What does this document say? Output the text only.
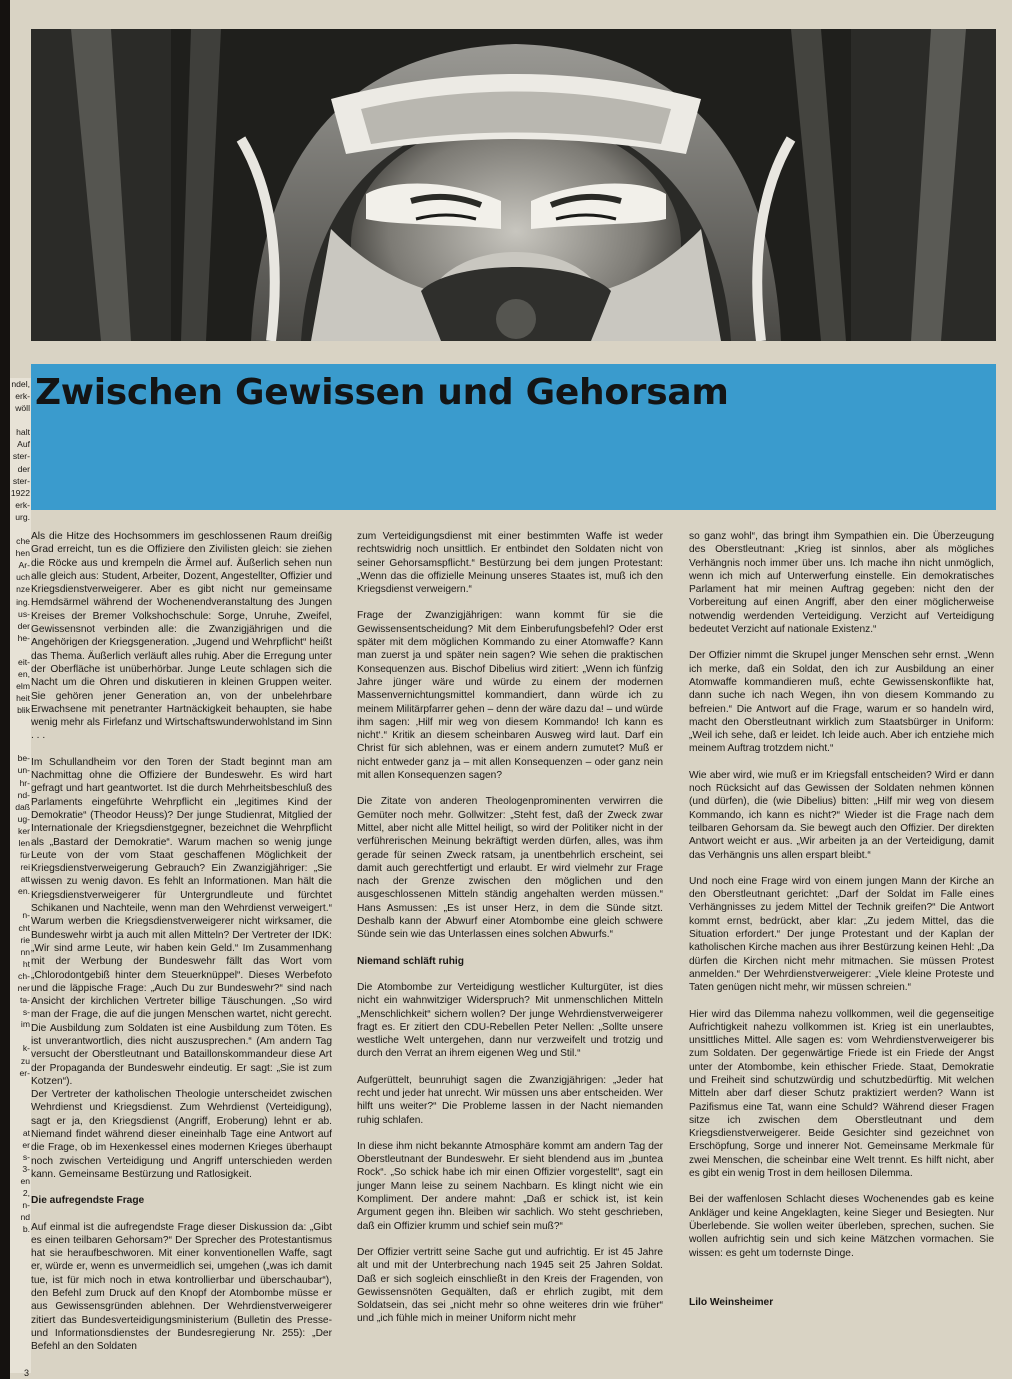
ndel,
erk-
wöll
halt
Auf
ster-
der
ster-
1922
erk-
urg.
che
hen
Ar-
uch
nze
ing.
us-
der
he-
eit-
en,
elm
heit
blik
be-
un-
hr-
nd-
daß
ug-
ker
len
für
rei
att
en.
n-
cht
rie
nn
ht
ch-
ner
ta-
s-
im
k-
zu
er-
at
er
s-
3-
en
2,
n-
nd
b.
Zwischen Gewissen und Gehorsam

Als die Hitze des Hochsommers im geschlossenen Raum dreißig Grad erreicht, tun es die Offiziere den Zivilisten gleich: sie ziehen die Röcke aus und krempeln die Ärmel auf. Äußerlich sehen nun alle gleich aus: Student, Arbeiter, Dozent, Angestellter, Offizier und Kriegsdienstverweigerer. Aber es gibt nicht nur gemeinsame Hemdsärmel während der Wochenendveranstaltung des Jungen Kreises der Bremer Volkshochschule: Sorge, Unruhe, Zweifel, Gewissensnot verbinden alle: die Zwanzigjährigen und die Angehörigen der Kriegsgeneration. „Jugend und Wehrpflicht“ heißt das Thema. Äußerlich verläuft alles ruhig. Aber die Erregung unter der Oberfläche ist unüberhörbar. Junge Leute schlagen sich die Nacht um die Ohren und diskutieren in kleinen Gruppen weiter. Sie gehören jener Generation an, von der unbelehrbare Erwachsene mit penetranter Hartnäckigkeit behaupten, sie habe wenig mehr als Firlefanz und Wirtschaftswunderwohlstand im Sinn . . .

Im Schullandheim vor den Toren der Stadt beginnt man am Nachmittag ohne die Offiziere der Bundeswehr. Es wird hart gefragt und hart geantwortet. Ist die durch Mehrheitsbeschluß des Parlaments eingeführte Wehrpflicht ein „legitimes Kind der Demokratie“ (Theodor Heuss)? Der junge Studienrat, Mitglied der Internationale der Kriegsdienstgegner, bezeichnet die Wehrpflicht als „Bastard der Demokratie“. Warum machen so wenig junge Leute von der vom Staat geschaffenen Möglichkeit der Kriegsdienstverweigerung Gebrauch? Ein Zwanzigjähriger: „Sie wissen zu wenig davon. Es fehlt an Informationen. Man hält die Kriegsdienstverweigerer für Untergrundleute und fürchtet Schikanen und Nachteile, wenn man den Wehrdienst verweigert.“ Warum werben die Kriegsdienstverweigerer nicht wirksamer, die Bundeswehr wirbt ja auch mit allen Mitteln? Der Vertreter der IDK: „Wir sind arme Leute, wir haben kein Geld.“ Im Zusammenhang mit der Werbung der Bundeswehr fällt das Wort vom „Chlorodontgebiß hinter dem Steuerknüppel“. Dieses Werbefoto und die läppische Frage: „Auch Du zur Bundeswehr?“ sind nach Ansicht der kirchlichen Vertreter billige Täuschungen. „So wird man der Frage, die auf die jungen Menschen wartet, nicht gerecht. Die Ausbildung zum Soldaten ist eine Ausbildung zum Töten. Es ist unverantwortlich, dies nicht auszusprechen.“ (Am andern Tag versucht der Oberstleutnant und Bataillonskommandeur diese Art der Propaganda der Bundeswehr eindeutig. Er sagt: „Sie ist zum Kotzen“).

Der Vertreter der katholischen Theologie unterscheidet zwischen Wehrdienst und Kriegsdienst. Zum Wehrdienst (Verteidigung), sagt er ja, den Kriegsdienst (Angriff, Eroberung) lehnt er ab. Niemand findet während dieser eineinhalb Tage eine Antwort auf die Frage, ob im Hexenkessel eines modernen Krieges überhaupt noch zwischen Verteidigung und Angriff unterschieden werden kann. Gemeinsame Bestürzung und Ratlosigkeit.

Die aufregendste Frage

Auf einmal ist die aufregendste Frage dieser Diskussion da: „Gibt es einen teilbaren Gehorsam?“ Der Sprecher des Protestantismus hat sie heraufbeschworen. Mit einer konventionellen Waffe, sagt er, würde er, wenn es unvermeidlich sei, umgehen („was ich damit tue, ist für mich noch in etwa kontrollierbar und überschaubar“), den Befehl zum Druck auf den Knopf der Atombombe müsse er aus Gewissensgründen ablehnen. Der Wehrdienstverweigerer zitiert das Bundesverteidigungsministerium (Bulletin des Presse- und Informationsdienstes der Bundesregierung Nr. 255): „Der Befehl an den Soldaten

zum Verteidigungsdienst mit einer bestimmten Waffe ist weder rechtswidrig noch unsittlich. Er entbindet den Soldaten nicht von seiner Gehorsamspflicht.“ Bestürzung bei dem jungen Protestant: „Wenn das die offizielle Meinung unseres Staates ist, muß ich den Kriegsdienst verweigern.“

Frage der Zwanzigjährigen: wann kommt für sie die Gewissensentscheidung? Mit dem Einberufungsbefehl? Oder erst später mit dem möglichen Kommando zu einer Atomwaffe? Kann man zuerst ja und später nein sagen? Wie sehen die praktischen Konsequenzen aus. Bischof Dibelius wird zitiert: „Wenn ich fünfzig Jahre jünger wäre und würde zu einem der modernen Massenvernichtungsmittel kommandiert, dann würde ich zu meinem Militärpfarrer gehen – denn der wäre dazu da! – und würde ihm sagen: ‚Hilf mir weg von diesem Kommando! Ich kann es nicht‘.“ Kritik an diesem scheinbaren Ausweg wird laut. Darf ein Christ für sich ablehnen, was er einem andern zumutet? Muß er nicht entweder ganz ja – mit allen Konsequenzen – oder ganz nein mit allen Konsequenzen sagen?

Die Zitate von anderen Theologenprominenten verwirren die Gemüter noch mehr. Gollwitzer: „Steht fest, daß der Zweck zwar Mittel, aber nicht alle Mittel heiligt, so wird der Politiker nicht in der verführerischen Meinung bekräftigt werden dürfen, alles, was ihm gerade für seinen Zweck ratsam, ja unentbehrlich erscheint, sei damit auch gerechtfertigt und erlaubt. Er wird vielmehr zur Frage nach der Grenze zwischen den möglichen und den ausgeschlossenen Mitteln ständig angehalten werden müssen.“ Hans Asmussen: „Es ist unser Herz, in dem die Sünde sitzt. Deshalb kann der Abwurf einer Atombombe eine gleich schwere Sünde sein wie das Unterlassen eines solchen Abwurfs.“

Niemand schläft ruhig

Die Atombombe zur Verteidigung westlicher Kulturgüter, ist dies nicht ein wahnwitziger Widerspruch? Mit unmenschlichen Mitteln „Menschlichkeit“ sichern wollen? Der junge Wehrdienstverweigerer fragt es. Er zitiert den CDU-Rebellen Peter Nellen: „Sollte unsere westliche Welt untergehen, dann nur verzweifelt und trotzig und durch den Verrat an ihrem eigenen Weg und Stil.“

Aufgerüttelt, beunruhigt sagen die Zwanzigjährigen: „Jeder hat recht und jeder hat unrecht. Wir müssen uns aber entscheiden. Wer hilft uns weiter?“ Die Probleme lassen in der Nacht niemanden ruhig schlafen.

In diese ihm nicht bekannte Atmosphäre kommt am andern Tag der Oberstleutnant der Bundeswehr. Er sieht blendend aus im „buntea Rock“. „So schick habe ich mir einen Offizier vorgestellt“, sagt ein junger Mann leise zu seinem Nachbarn. Es klingt nicht wie ein Kompliment. Der andere mahnt: „Daß er schick ist, ist kein Argument gegen ihn. Bleiben wir sachlich. Wo steht geschrieben, daß ein Offizier krumm und schief sein muß?“

Der Offizier vertritt seine Sache gut und aufrichtig. Er ist 45 Jahre alt und mit der Unterbrechung nach 1945 seit 25 Jahren Soldat. Daß er sich sogleich einschließt in den Kreis der Fragenden, von Gewissensnöten Gequälten, daß er ehrlich zugibt, mit dem Soldatsein, das sei „nicht mehr so ohne weiteres drin wie früher“ und „ich fühle mich in meiner Uniform nicht mehr

so ganz wohl“, das bringt ihm Sympathien ein. Die Überzeugung des Oberstleutnant: „Krieg ist sinnlos, aber als mögliches Verhängnis noch immer über uns. Ich mache ihn nicht unmöglich, wenn ich mich auf Unterwerfung einstelle. Ein demokratisches Parlament hat mir meinen Auftrag gegeben: nicht den der Vorbereitung auf einen Angriff, aber den einer möglicherweise notwendig werdenden Verteidigung. Verzicht auf Verteidigung bedeutet Verzicht auf nationale Existenz.“

Der Offizier nimmt die Skrupel junger Menschen sehr ernst. „Wenn ich merke, daß ein Soldat, den ich zur Ausbildung an einer Atomwaffe kommandieren muß, echte Gewissenskonflikte hat, dann suche ich nach Wegen, ihn von diesem Kommando zu befreien.“ Die Antwort auf die Frage, warum er so handeln wird, macht den Oberstleutnant wirklich zum Staatsbürger in Uniform: „Weil ich sehe, daß er leidet. Ich leide auch. Aber ich entziehe mich meinem Auftrag trotzdem nicht.“

Wie aber wird, wie muß er im Kriegsfall entscheiden? Wird er dann noch Rücksicht auf das Gewissen der Soldaten nehmen können (und dürfen), die (wie Dibelius) bitten: „Hilf mir weg von diesem Kommando, ich kann es nicht?“ Wieder ist die Frage nach dem teilbaren Gehorsam da. Sie bewegt auch den Offizier. Der direkten Antwort weicht er aus. „Wir arbeiten ja an der Verteidigung, damit das Verhängnis uns allen erspart bleibt.“

Und noch eine Frage wird von einem jungen Mann der Kirche an den Oberstleutnant gerichtet: „Darf der Soldat im Falle eines Verhängnisses zu jedem Mittel der Technik greifen?“ Die Antwort kommt ernst, bedrückt, aber klar: „Zu jedem Mittel, das die Situation erfordert.“ Der junge Protestant und der Kaplan der katholischen Kirche machen aus ihrer Bestürzung keinen Hehl: „Da dürfen die Kirchen nicht mehr mitmachen. Sie müssen Protest anmelden.“ Der Wehrdienstverweigerer: „Viele kleine Proteste und Taten genügen nicht mehr, wir müssen schreien.“

Hier wird das Dilemma nahezu vollkommen, weil die gegenseitige Aufrichtigkeit nahezu vollkommen ist. Krieg ist ein unerlaubtes, unsittliches Mittel. Alle sagen es: vom Wehrdienstverweigerer bis zum Soldaten. Der gegenwärtige Friede ist ein Friede der Angst unter der Atombombe, kein ethischer Friede. Staat, Demokratie und Freiheit sind schutzwürdig und schutzbedürftig. Mit welchen Mitteln aber darf dieser Schutz praktiziert werden? Wann ist Pazifismus eine Tat, wann eine Schuld? Während dieser Fragen sitze ich zwischen dem Oberstleutnant und dem Kriegsdienstverweigerer. Beide Gesichter sind gezeichnet von Erschöpfung, Sorge und innerer Not. Gemeinsame Merkmale für zwei Menschen, die scheinbar eine Welt trennt. Es hilft nicht, aber es gibt ein wenig Trost in dem heillosen Dilemma.

Bei der waffenlosen Schlacht dieses Wochenendes gab es keine Ankläger und keine Angeklagten, keine Sieger und Besiegten. Nur Überlebende. Sie wollen weiter überleben, sprechen, suchen. Sie wollen aufrichtig sein und sich keine Mätzchen vormachen. Sie wissen: es geht um todernste Dinge.

Lilo Weinsheimer
3
